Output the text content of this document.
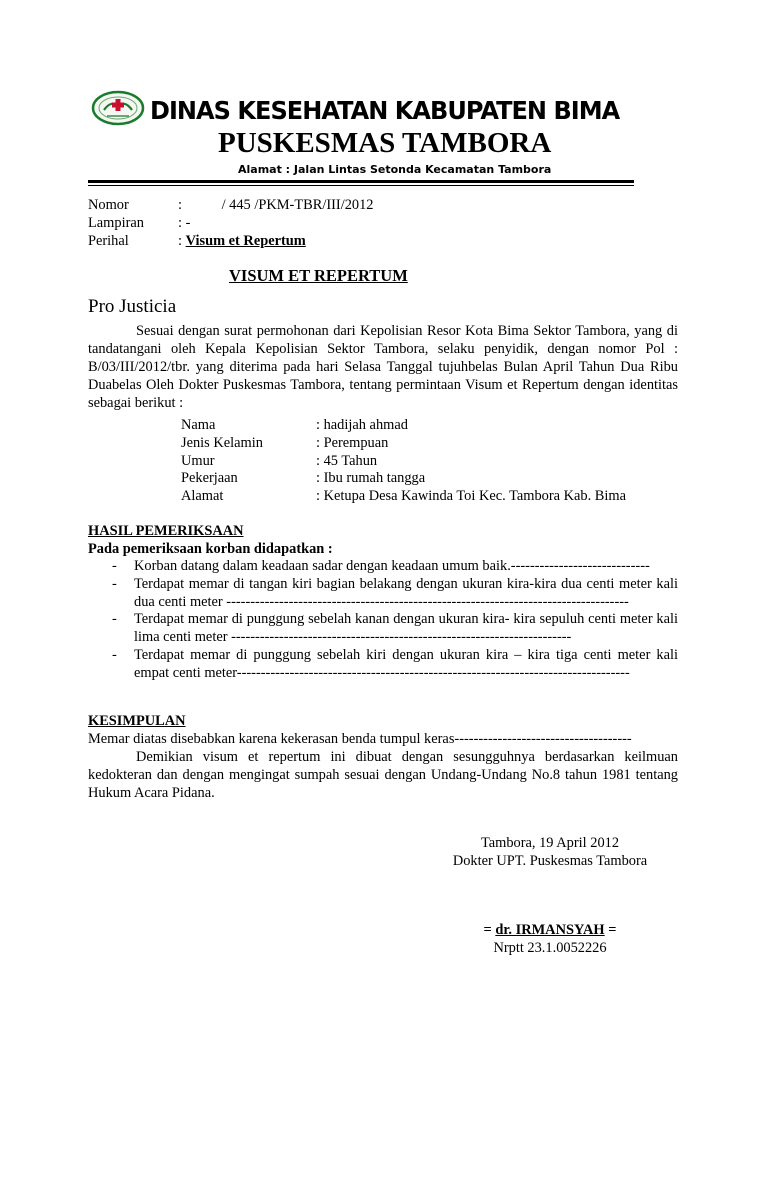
DINAS KESEHATAN KABUPATEN BIMA
PUSKESMAS TAMBORA
Alamat : Jalan Lintas Setonda Kecamatan Tambora
Nomor	:           / 445 /PKM-TBR/III/2012
Lampiran : -
Perihal	: Visum et Repertum
VISUM ET REPERTUM
Pro Justicia
Sesuai dengan surat permohonan dari Kepolisian Resor Kota Bima Sektor Tambora, yang di tandatangani oleh Kepala Kepolisian Sektor Tambora, selaku penyidik, dengan nomor Pol : B/03/III/2012/tbr. yang diterima pada hari Selasa Tanggal tujuhbelas Bulan April Tahun Dua Ribu Duabelas Oleh Dokter Puskesmas Tambora, tentang permintaan Visum et Repertum dengan identitas sebagai berikut :
Nama	: hadijah ahmad
Jenis Kelamin	: Perempuan
Umur	: 45 Tahun
Pekerjaan	: Ibu rumah tangga
Alamat	: Ketupa Desa Kawinda Toi Kec. Tambora Kab. Bima
HASIL PEMERIKSAAN
Pada pemeriksaan korban didapatkan :
- Korban datang dalam keadaan sadar dengan keadaan umum baik.-----------------------------
- Terdapat memar di tangan kiri bagian belakang dengan ukuran kira-kira dua centi meter kali dua centi meter ------------------------------------------------------------------------------------
- Terdapat memar di punggung sebelah kanan dengan ukuran kira- kira sepuluh centi meter kali lima centi meter -----------------------------------------------------------------------
- Terdapat memar di punggung sebelah kiri dengan ukuran kira – kira tiga centi meter kali empat centi meter----------------------------------------------------------------------------------
KESIMPULAN
Memar diatas disebabkan karena kekerasan benda tumpul keras-------------------------------------
Demikian visum et repertum ini dibuat dengan sesungguhnya berdasarkan keilmuan kedokteran dan dengan mengingat sumpah sesuai dengan Undang-Undang No.8 tahun 1981 tentang Hukum Acara Pidana.
Tambora, 19 April 2012
Dokter UPT. Puskesmas Tambora
= dr. IRMANSYAH =
Nrptt 23.1.0052226
